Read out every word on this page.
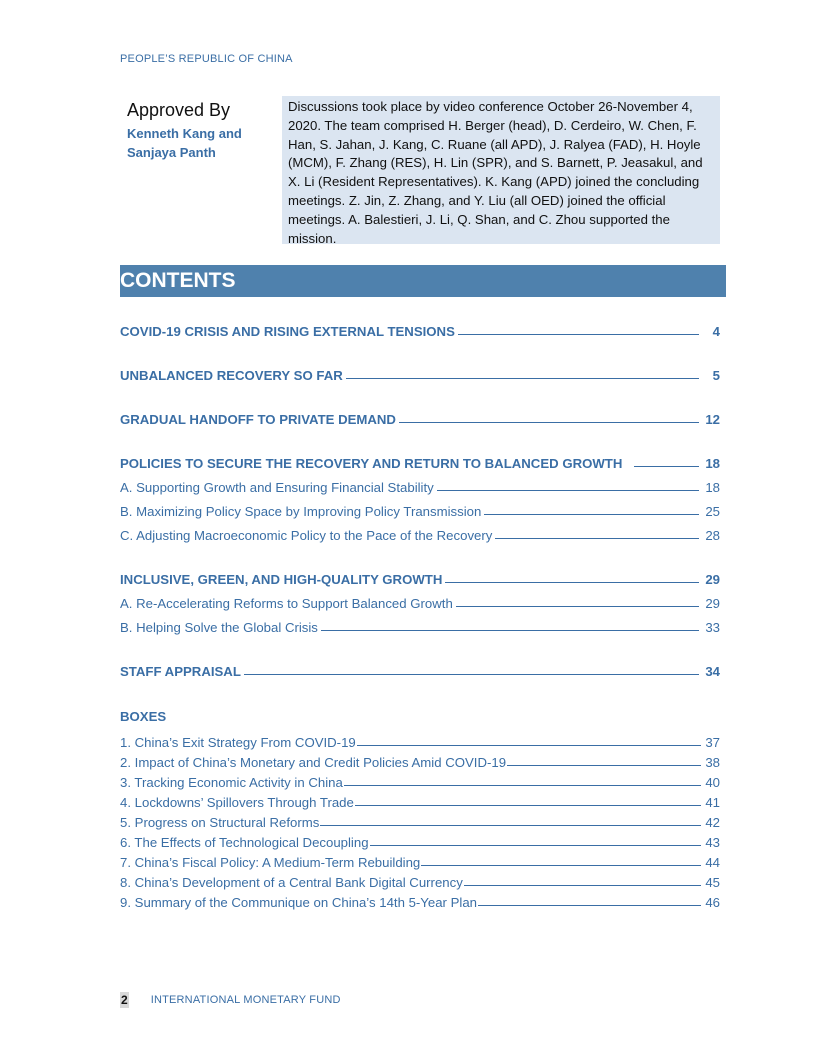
PEOPLE’S REPUBLIC OF CHINA
Approved By
Kenneth Kang and
Sanjaya Panth
Discussions took place by video conference October 26-November 4, 2020. The team comprised H. Berger (head), D. Cerdeiro, W. Chen, F. Han, S. Jahan, J. Kang, C. Ruane (all APD), J. Ralyea (FAD), H. Hoyle (MCM), F. Zhang (RES), H. Lin (SPR), and S. Barnett, P. Jeasakul, and X. Li (Resident Representatives). K. Kang (APD) joined the concluding meetings. Z. Jin, Z. Zhang, and Y. Liu (all OED) joined the official meetings. A. Balestieri, J. Li, Q. Shan, and C. Zhou supported the mission.
CONTENTS
COVID-19 CRISIS AND RISING EXTERNAL TENSIONS	4
UNBALANCED RECOVERY SO FAR	5
GRADUAL HANDOFF TO PRIVATE DEMAND	12
POLICIES TO SECURE THE RECOVERY AND RETURN TO BALANCED GROWTH	18
A. Supporting Growth and Ensuring Financial Stability	18
B. Maximizing Policy Space by Improving Policy Transmission	25
C. Adjusting Macroeconomic Policy to the Pace of the Recovery	28
INCLUSIVE, GREEN, AND HIGH-QUALITY GROWTH	29
A. Re-Accelerating Reforms to Support Balanced Growth	29
B. Helping Solve the Global Crisis	33
STAFF APPRAISAL	34
BOXES
1. China’s Exit Strategy From COVID-19	37
2. Impact of China’s Monetary and Credit Policies Amid COVID-19	38
3. Tracking Economic Activity in China	40
4. Lockdowns’ Spillovers Through Trade	41
5. Progress on Structural Reforms	42
6. The Effects of Technological Decoupling	43
7. China’s Fiscal Policy: A Medium-Term Rebuilding	44
8. China’s Development of a Central Bank Digital Currency	45
9. Summary of the Communique on China’s 14th 5-Year Plan	46
2 INTERNATIONAL MONETARY FUND
